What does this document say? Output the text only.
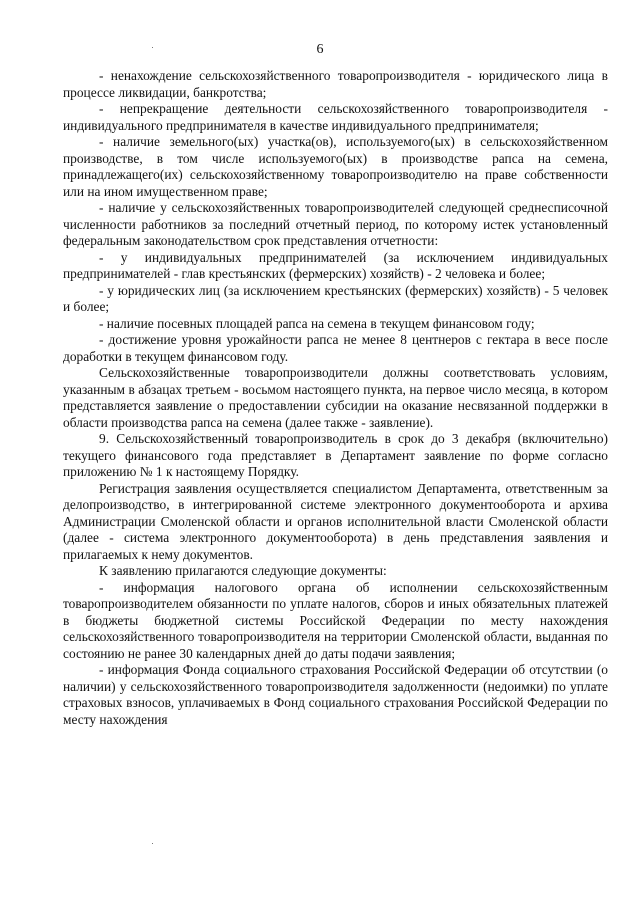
6

- ненахождение сельскохозяйственного товаропроизводителя - юридического лица в процессе ликвидации, банкротства;

- непрекращение деятельности сельскохозяйственного товаропроизводителя - индивидуального предпринимателя в качестве индивидуального предпринимателя;

- наличие земельного(ых) участка(ов), используемого(ых) в сельскохозяйственном производстве, в том числе используемого(ых) в производстве рапса на семена, принадлежащего(их) сельскохозяйственному товаропроизводителю на праве собственности или на ином имущественном праве;

- наличие у сельскохозяйственных товаропроизводителей следующей среднесписочной численности работников за последний отчетный период, по которому истек установленный федеральным законодательством срок представления отчетности:

- у индивидуальных предпринимателей (за исключением индивидуальных предпринимателей - глав крестьянских (фермерских) хозяйств) - 2 человека и более;

- у юридических лиц (за исключением крестьянских (фермерских) хозяйств) - 5 человек и более;

- наличие посевных площадей рапса на семена в текущем финансовом году;

- достижение уровня урожайности рапса не менее 8 центнеров с гектара в весе после доработки в текущем финансовом году.

Сельскохозяйственные товаропроизводители должны соответствовать условиям, указанным в абзацах третьем - восьмом настоящего пункта, на первое число месяца, в котором представляется заявление о предоставлении субсидии на оказание несвязанной поддержки в области производства рапса на семена (далее также - заявление).

9. Сельскохозяйственный товаропроизводитель в срок до 3 декабря (включительно) текущего финансового года представляет в Департамент заявление по форме согласно приложению № 1 к настоящему Порядку.

Регистрация заявления осуществляется специалистом Департамента, ответственным за делопроизводство, в интегрированной системе электронного документооборота и архива Администрации Смоленской области и органов исполнительной власти Смоленской области (далее - система электронного документооборота) в день представления заявления и прилагаемых к нему документов.

К заявлению прилагаются следующие документы:

- информация налогового органа об исполнении сельскохозяйственным товаропроизводителем обязанности по уплате налогов, сборов и иных обязательных платежей в бюджеты бюджетной системы Российской Федерации по месту нахождения сельскохозяйственного товаропроизводителя на территории Смоленской области, выданная по состоянию не ранее 30 календарных дней до даты подачи заявления;

- информация Фонда социального страхования Российской Федерации об отсутствии (о наличии) у сельскохозяйственного товаропроизводителя задолженности (недоимки) по уплате страховых взносов, уплачиваемых в Фонд социального страхования Российской Федерации по месту нахождения
